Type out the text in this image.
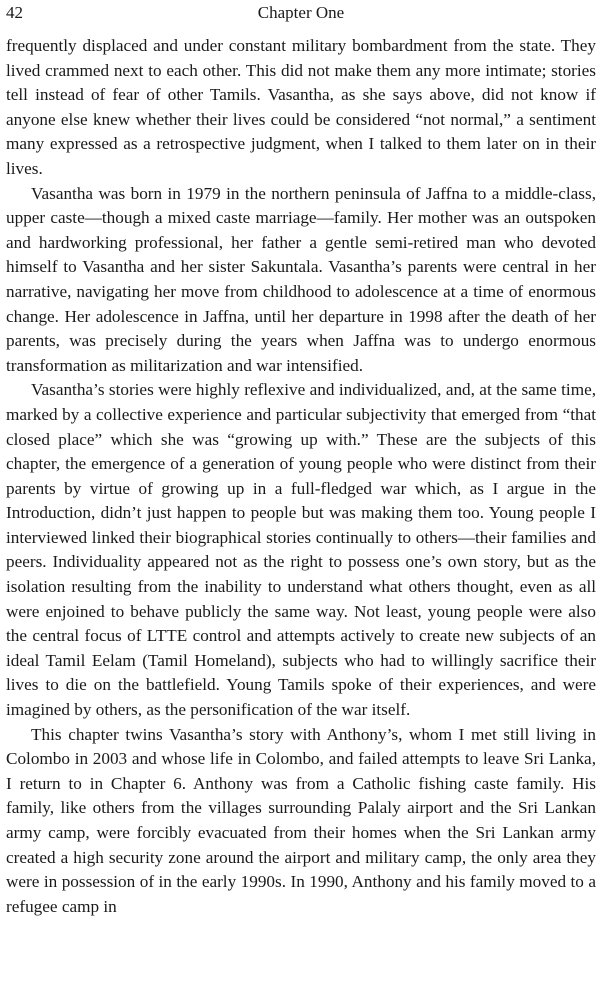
42	Chapter One

frequently displaced and under constant military bombardment from the state. They lived crammed next to each other. This did not make them any more intimate; stories tell instead of fear of other Tamils. Vasantha, as she says above, did not know if anyone else knew whether their lives could be considered “not normal,” a sentiment many expressed as a retrospective judgment, when I talked to them later on in their lives.

Vasantha was born in 1979 in the northern peninsula of Jaffna to a middle-class, upper caste—though a mixed caste marriage—family. Her mother was an outspoken and hardworking professional, her father a gentle semi-retired man who devoted himself to Vasantha and her sister Sakuntala. Vasantha’s parents were central in her narrative, navigating her move from childhood to adolescence at a time of enormous change. Her adolescence in Jaffna, until her departure in 1998 after the death of her parents, was precisely during the years when Jaffna was to undergo enormous transformation as militarization and war intensified.

Vasantha’s stories were highly reflexive and individualized, and, at the same time, marked by a collective experience and particular subjectivity that emerged from “that closed place” which she was “growing up with.” These are the subjects of this chapter, the emergence of a generation of young people who were distinct from their parents by virtue of growing up in a full-fledged war which, as I argue in the Introduction, didn’t just happen to people but was making them too. Young people I interviewed linked their biographical stories continually to others—their families and peers. Individuality appeared not as the right to possess one’s own story, but as the isolation resulting from the inability to understand what others thought, even as all were enjoined to behave publicly the same way. Not least, young people were also the central focus of LTTE control and attempts actively to create new subjects of an ideal Tamil Eelam (Tamil Homeland), subjects who had to willingly sacrifice their lives to die on the battlefield. Young Tamils spoke of their experiences, and were imagined by others, as the personification of the war itself.

This chapter twins Vasantha’s story with Anthony’s, whom I met still living in Colombo in 2003 and whose life in Colombo, and failed attempts to leave Sri Lanka, I return to in Chapter 6. Anthony was from a Catholic fishing caste family. His family, like others from the villages surrounding Palaly airport and the Sri Lankan army camp, were forcibly evacuated from their homes when the Sri Lankan army created a high security zone around the airport and military camp, the only area they were in possession of in the early 1990s. In 1990, Anthony and his family moved to a refugee camp in
